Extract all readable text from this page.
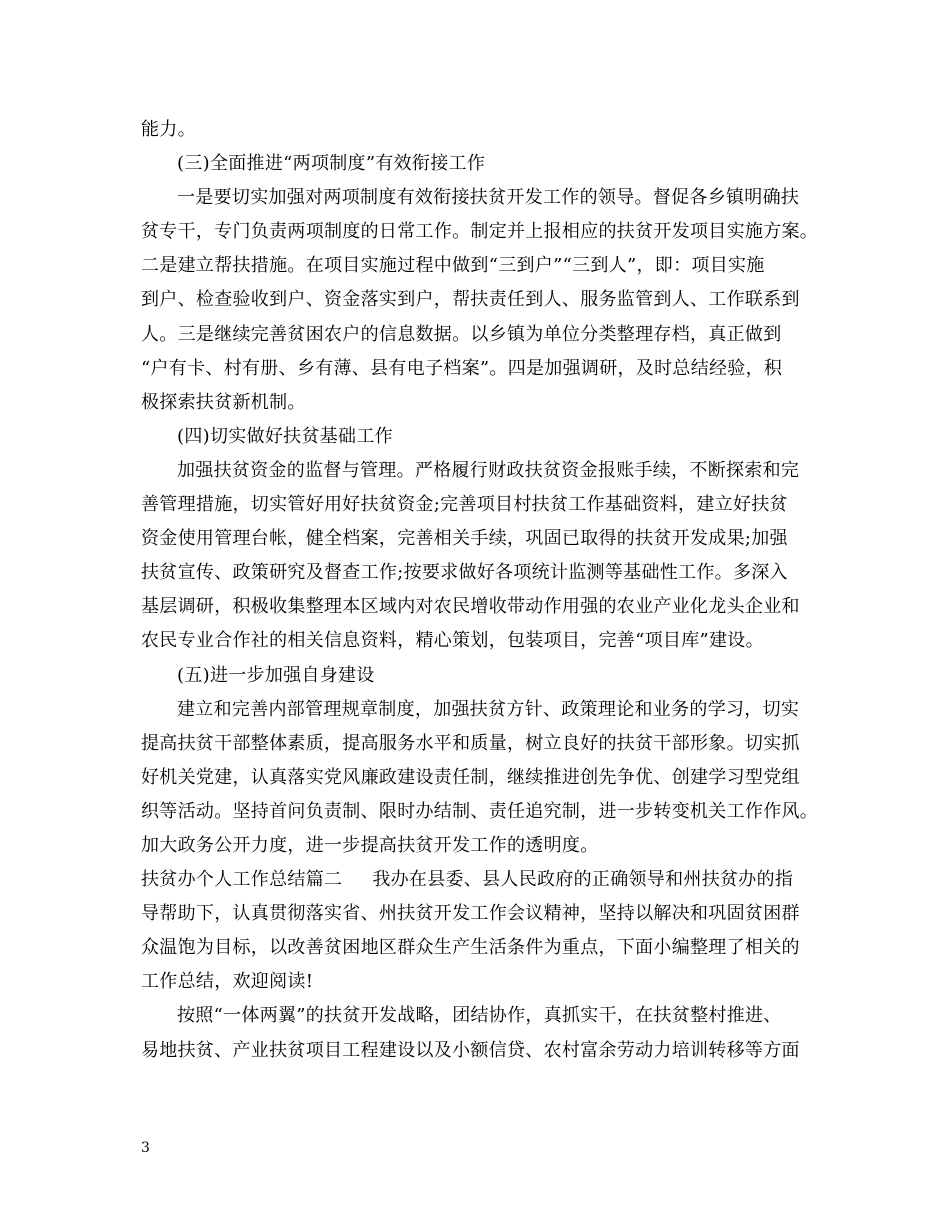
能力。
(三)全面推进“两项制度”有效衔接工作
一是要切实加强对两项制度有效衔接扶贫开发工作的领导。督促各乡镇明确扶
贫专干，专门负责两项制度的日常工作。制定并上报相应的扶贫开发项目实施方案。
二是建立帮扶措施。在项目实施过程中做到“三到户”“三到人”，即：项目实施
到户、检查验收到户、资金落实到户，帮扶责任到人、服务监管到人、工作联系到
人。三是继续完善贫困农户的信息数据。以乡镇为单位分类整理存档，真正做到
“户有卡、村有册、乡有薄、县有电子档案”。四是加强调研，及时总结经验，积
极探索扶贫新机制。
(四)切实做好扶贫基础工作
加强扶贫资金的监督与管理。严格履行财政扶贫资金报账手续，不断探索和完
善管理措施，切实管好用好扶贫资金;完善项目村扶贫工作基础资料，建立好扶贫
资金使用管理台帐，健全档案，完善相关手续，巩固已取得的扶贫开发成果;加强
扶贫宣传、政策研究及督查工作;按要求做好各项统计监测等基础性工作。多深入
基层调研，积极收集整理本区域内对农民增收带动作用强的农业产业化龙头企业和
农民专业合作社的相关信息资料，精心策划，包装项目，完善“项目库”建设。
(五)进一步加强自身建设
建立和完善内部管理规章制度，加强扶贫方针、政策理论和业务的学习，切实
提高扶贫干部整体素质，提高服务水平和质量，树立良好的扶贫干部形象。切实抓
好机关党建，认真落实党风廉政建设责任制，继续推进创先争优、创建学习型党组
织等活动。坚持首问负责制、限时办结制、责任追究制，进一步转变机关工作作风。
加大政务公开力度，进一步提高扶贫开发工作的透明度。
扶贫办个人工作总结篇二 我办在县委、县人民政府的正确领导和州扶贫办的指
导帮助下，认真贯彻落实省、州扶贫开发工作会议精神，坚持以解决和巩固贫困群
众温饱为目标，以改善贫困地区群众生产生活条件为重点，下面小编整理了相关的
工作总结，欢迎阅读!
按照“一体两翼”的扶贫开发战略，团结协作，真抓实干，在扶贫整村推进、
易地扶贫、产业扶贫项目工程建设以及小额信贷、农村富余劳动力培训转移等方面
3
